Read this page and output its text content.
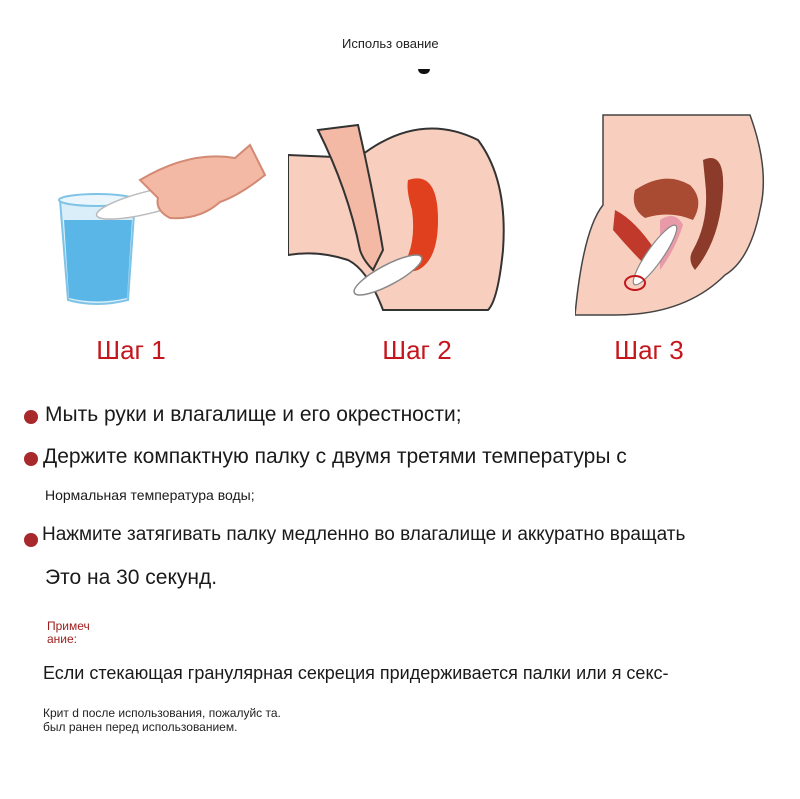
Использ ование
Шаг 1	Шаг 2	Шаг 3
Мыть руки и влагалище и его окрестности;
Держите компактную палку с двумя третями температуры с
Нормальная температура воды;
Нажмите затягивать палку медленно во влагалище и аккуратно вращать
Это на 30 секунд.
Примеч ание:
Если стекающая гранулярная секреция придерживается палки или я секс-
Крит d после использования, пожалуйс та. был ранен перед использованием.
